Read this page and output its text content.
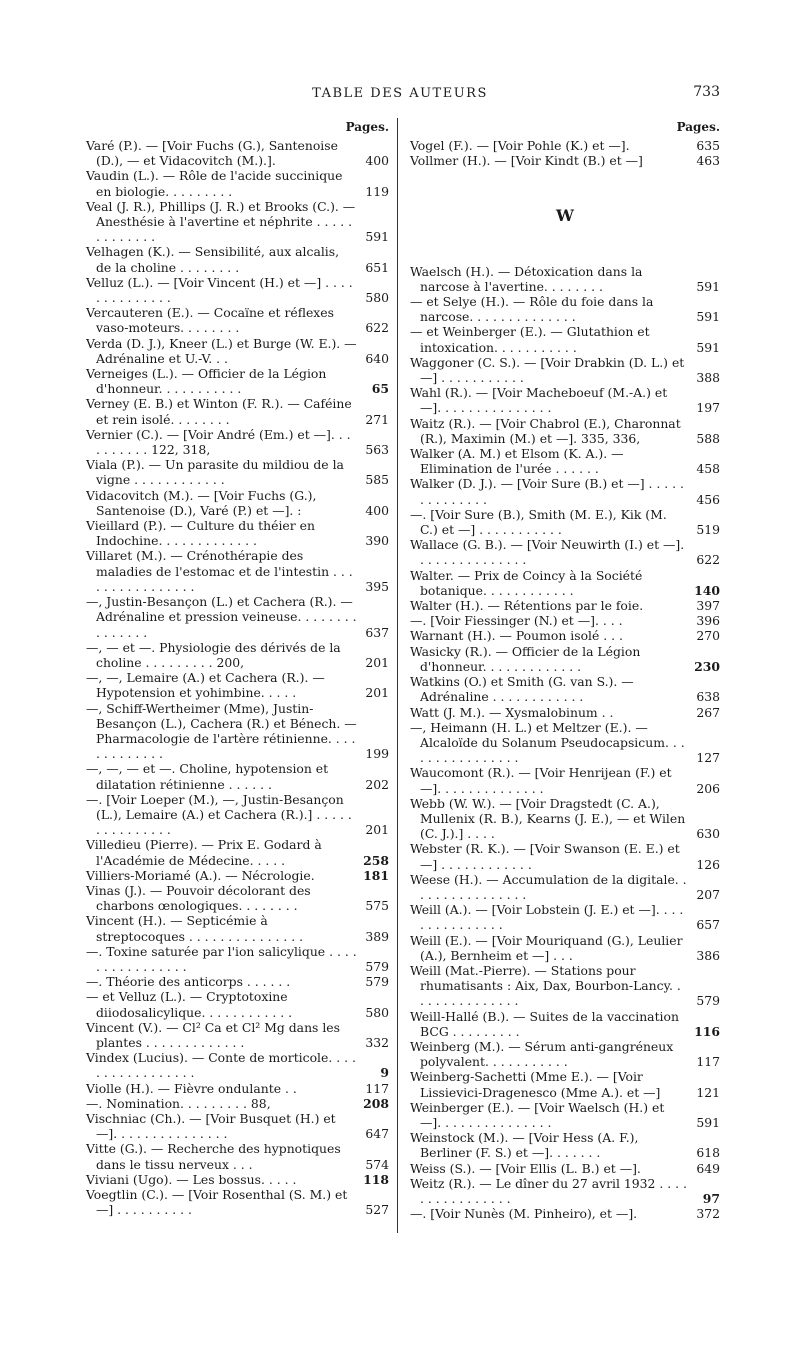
TABLE DES AUTEURS	733
Pages.

Varé (P.). — [Voir Fuchs (G.), Santenoise (D.), — et Vidacovitch (M.).].	400

Vaudin (L.). — Rôle de l'acide succinique en biologie. . . . . . . . .	119

Veal (J. R.), Phillips (J. R.) et Brooks (C.). — Anesthésie à l'avertine et néphrite . . . . . . . . . . . . .	591

Velhagen (K.). — Sensibilité, aux alcalis, de la choline . . . . . . . .	651

Velluz (L.). — [Voir Vincent (H.) et —] . . . . . . . . . . . . . .	580

Vercauteren (E.). — Cocaïne et réflexes vaso-moteurs. . . . . . . .	622

Verda (D. J.), Kneer (L.) et Burge (W. E.). — Adrénaline et U.-V. . .	640

Verneiges (L.). — Officier de la Légion d'honneur. . . . . . . . . . .	65

Verney (E. B.) et Winton (F. R.). — Caféine et rein isolé. . . . . . . .	271

Vernier (C.). — [Voir André (Em.) et —]. . . . . . . . . . 122, 318,	563

Viala (P.). — Un parasite du mildiou de la vigne . . . . . . . . . . . .	585

Vidacovitch (M.). — [Voir Fuchs (G.), Santenoise (D.), Varé (P.) et —]. :	400

Vieillard (P.). — Culture du théier en Indochine. . . . . . . . . . . . .	390

Villaret (M.). — Crénothérapie des maladies de l'estomac et de l'intestin . . . . . . . . . . . . . . . .	395

—, Justin-Besançon (L.) et Cachera (R.). — Adrénaline et pression veineuse. . . . . . . . . . . . . . .	637

—, — et —. Physiologie des dérivés de la choline . . . . . . . . . 200,	201

—, —, Lemaire (A.) et Cachera (R.). — Hypotension et yohimbine. . . . .	201

—, Schiff-Wertheimer (Mme), Justin-Besançon (L.), Cachera (R.) et Bénech. — Pharmacologie de l'artère rétinienne. . . . . . . . . . . . .	199

—, —, — et —. Choline, hypotension et dilatation rétinienne . . . . . .	202

—. [Voir Loeper (M.), —, Justin-Besançon (L.), Lemaire (A.) et Cachera (R.).] . . . . . . . . . . . . . . .	201

Villedieu (Pierre). — Prix E. Godard à l'Académie de Médecine. . . . .	258

Villiers-Moriamé (A.). — Nécrologie.	181

Vinas (J.). — Pouvoir décolorant des charbons œnologiques. . . . . . . .	575

Vincent (H.). — Septicémie à streptocoques . . . . . . . . . . . . . . .	389

—. Toxine saturée par l'ion salicylique . . . . . . . . . . . . . . . .	579

—. Théorie des anticorps . . . . . .	579

— et Velluz (L.). — Cryptotoxine diiodosalicylique. . . . . . . . . . . .	580

Vincent (V.). — Cl² Ca et Cl² Mg dans les plantes . . . . . . . . . . . . .	332

Vindex (Lucius). — Conte de morticole. . . . . . . . . . . . . . . . .	9

Violle (H.). — Fièvre ondulante . .	117

—. Nomination. . . . . . . . . 88,	208

Vischniac (Ch.). — [Voir Busquet (H.) et —]. . . . . . . . . . . . . . .	647

Vitte (G.). — Recherche des hypnotiques dans le tissu nerveux . . .	574

Viviani (Ugo). — Les bossus. . . . .	118

Voegtlin (C.). — [Voir Rosenthal (S. M.) et —] . . . . . . . . . .	527

Pages.

Vogel (F.). — [Voir Pohle (K.) et —].	635

Vollmer (H.). — [Voir Kindt (B.) et —]	463

W

Waelsch (H.). — Détoxication dans la narcose à l'avertine. . . . . . . .	591

— et Selye (H.). — Rôle du foie dans la narcose. . . . . . . . . . . . . .	591

— et Weinberger (E.). — Glutathion et intoxication. . . . . . . . . . .	591

Waggoner (C. S.). — [Voir Drabkin (D. L.) et —] . . . . . . . . . . .	388

Wahl (R.). — [Voir Macheboeuf (M.-A.) et —]. . . . . . . . . . . . . . .	197

Waitz (R.). — [Voir Chabrol (E.), Charonnat (R.), Maximin (M.) et —]. 335, 336,	588

Walker (A. M.) et Elsom (K. A.). — Elimination de l'urée . . . . . .	458

Walker (D. J.). — [Voir Sure (B.) et —] . . . . . . . . . . . . . .	456

—. [Voir Sure (B.), Smith (M. E.), Kik (M. C.) et —] . . . . . . . . . . .	519

Wallace (G. B.). — [Voir Neuwirth (I.) et —]. . . . . . . . . . . . . . .	622

Walter. — Prix de Coincy à la Société botanique. . . . . . . . . . . .	140

Walter (H.). — Rétentions par le foie.	397

—. [Voir Fiessinger (N.) et —]. . . .	396

Warnant (H.). — Poumon isolé . . .	270

Wasicky (R.). — Officier de la Légion d'honneur. . . . . . . . . . . . .	230

Watkins (O.) et Smith (G. van S.). — Adrénaline . . . . . . . . . . . .	638

Watt (J. M.). — Xysmalobinum . .	267

—, Heimann (H. L.) et Meltzer (E.). — Alcaloïde du Solanum Pseudocapsicum. . . . . . . . . . . . . . . .	127

Waucomont (R.). — [Voir Henrijean (F.) et —]. . . . . . . . . . . . . .	206

Webb (W. W.). — [Voir Dragstedt (C. A.), Mullenix (R. B.), Kearns (J. E.), — et Wilen (C. J.).] . . . .	630

Webster (R. K.). — [Voir Swanson (E. E.) et —] . . . . . . . . . . . .	126

Weese (H.). — Accumulation de la digitale. . . . . . . . . . . . . . . .	207

Weill (A.). — [Voir Lobstein (J. E.) et —]. . . . . . . . . . . . . . .	657

Weill (E.). — [Voir Mouriquand (G.), Leulier (A.), Bernheim et —] . . .	386

Weill (Mat.-Pierre). — Stations pour rhumatisants : Aix, Dax, Bourbon-Lancy. . . . . . . . . . . . . . .	579

Weill-Hallé (B.). — Suites de la vaccination BCG . . . . . . . . .	116

Weinberg (M.). — Sérum anti-gangréneux polyvalent. . . . . . . . . . .	117

Weinberg-Sachetti (Mme E.). — [Voir Lissievici-Dragenesco (Mme A.). et —]	121

Weinberger (E.). — [Voir Waelsch (H.) et —]. . . . . . . . . . . . . . .	591

Weinstock (M.). — [Voir Hess (A. F.), Berliner (F. S.) et —]. . . . . . .	618

Weiss (S.). — [Voir Ellis (L. B.) et —].	649

Weitz (R.). — Le dîner du 27 avril 1932 . . . . . . . . . . . . . . . .	97

—. [Voir Nunès (M. Pinheiro), et —].	372
